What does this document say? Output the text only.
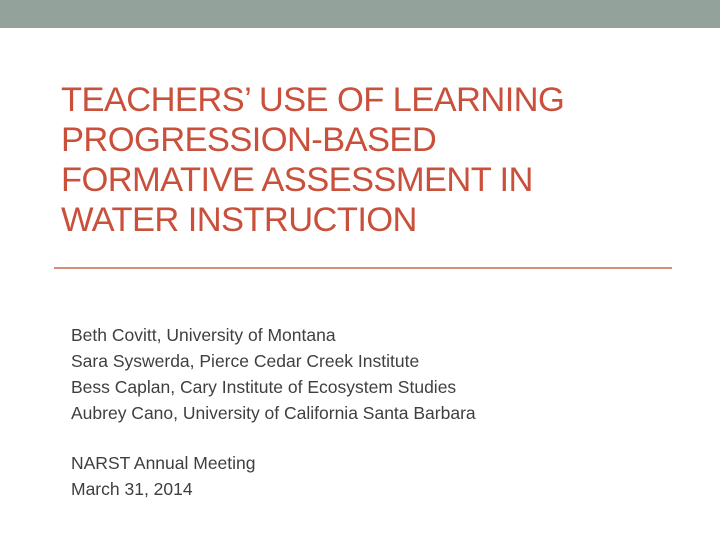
TEACHERS’ USE OF LEARNING
PROGRESSION-BASED
FORMATIVE ASSESSMENT IN
WATER INSTRUCTION
Beth Covitt, University of Montana
Sara Syswerda, Pierce Cedar Creek Institute
Bess Caplan, Cary Institute of Ecosystem Studies
Aubrey Cano, University of California Santa Barbara
NARST Annual Meeting
March 31, 2014
